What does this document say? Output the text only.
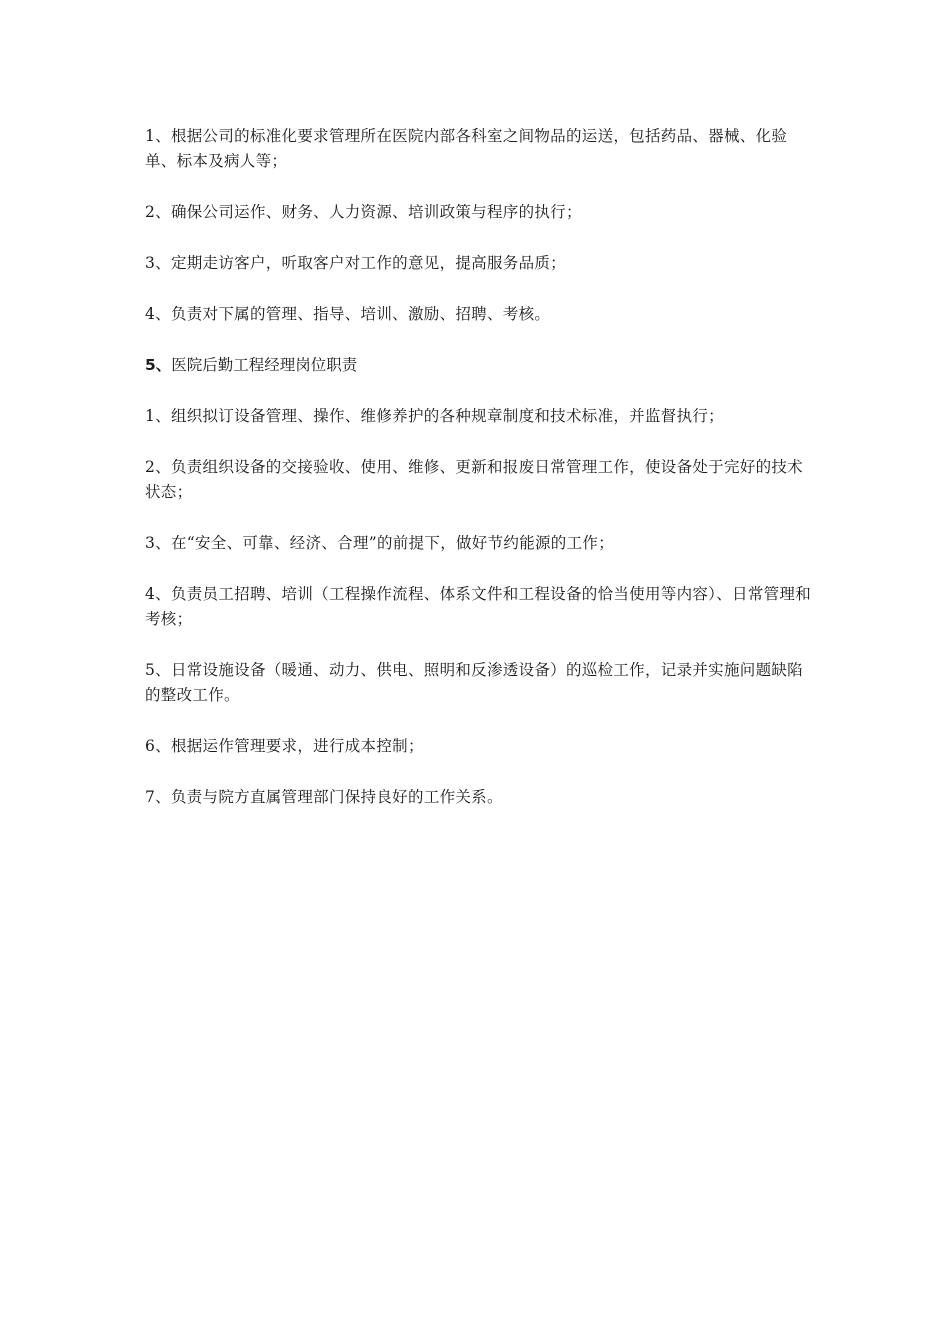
1、根据公司的标准化要求管理所在医院内部各科室之间物品的运送，包括药品、器械、化验单、标本及病人等；

2、确保公司运作、财务、人力资源、培训政策与程序的执行；

3、定期走访客户，听取客户对工作的意见，提高服务品质；

4、负责对下属的管理、指导、培训、激励、招聘、考核。

5、医院后勤工程经理岗位职责

1、组织拟订设备管理、操作、维修养护的各种规章制度和技术标准，并监督执行；

2、负责组织设备的交接验收、使用、维修、更新和报废日常管理工作，使设备处于完好的技术状态；

3、在“安全、可靠、经济、合理”的前提下，做好节约能源的工作；

4、负责员工招聘、培训（工程操作流程、体系文件和工程设备的恰当使用等内容）、日常管理和考核；

5、日常设施设备（暖通、动力、供电、照明和反渗透设备）的巡检工作，记录并实施问题缺陷的整改工作。

6、根据运作管理要求，进行成本控制；

7、负责与院方直属管理部门保持良好的工作关系。
